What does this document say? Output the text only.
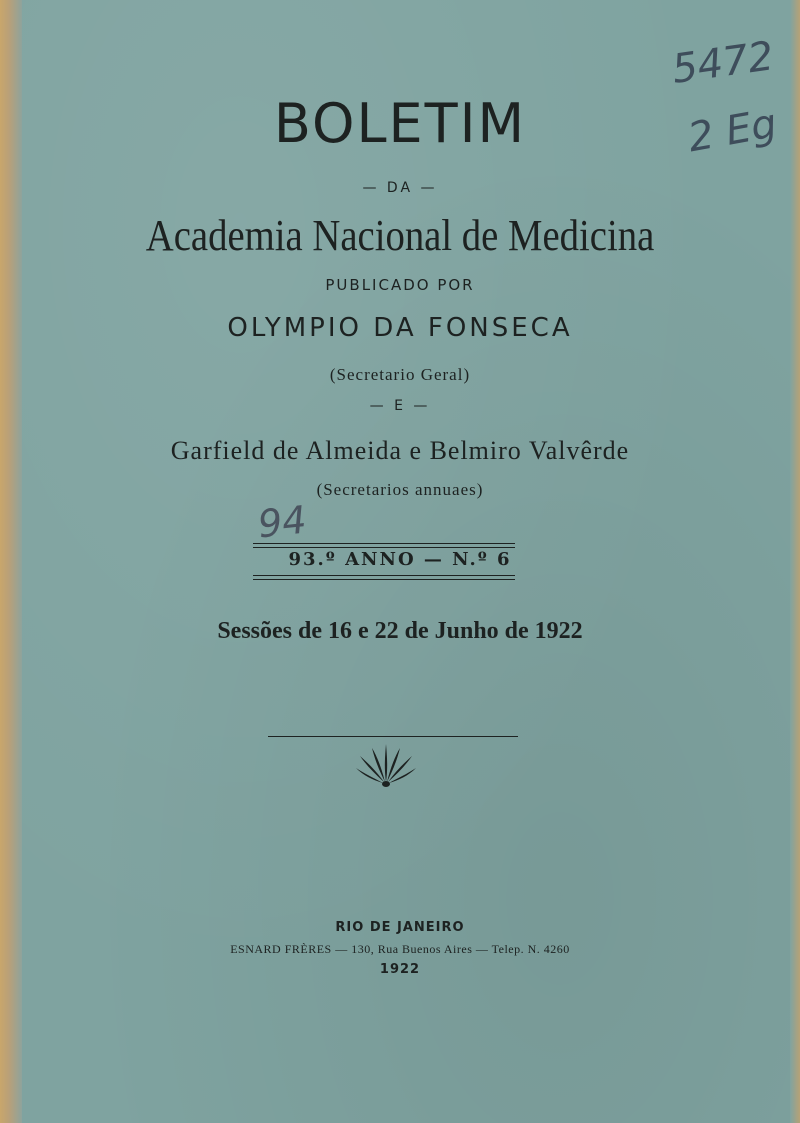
5472
2 Eg
BOLETIM
— DA —
Academia Nacional de Medicina
PUBLICADO POR
OLYMPIO DA FONSECA
(Secretario Geral)
— E —
Garfield de Almeida e Belmiro Valvêrde
(Secretarios annuaes)
94
93.º ANNO — N.º 6
Sessões de 16 e 22 de Junho de 1922
RIO DE JANEIRO
ESNARD FRÈRES — 130, Rua Buenos Aires — Telep. N. 4260
1922
